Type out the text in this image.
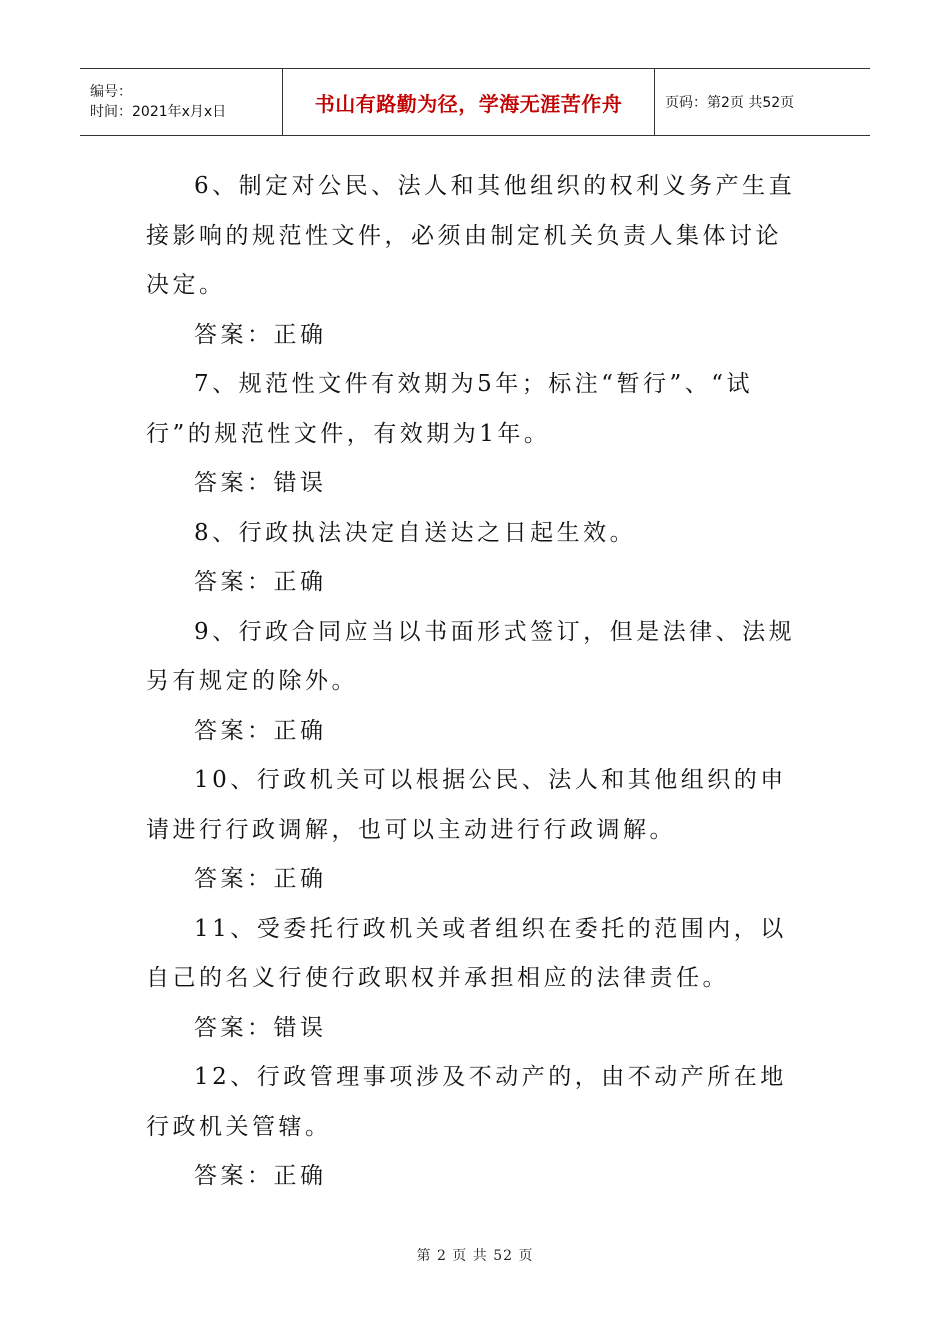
编号：
时间：2021年x月x日	书山有路勤为径，学海无涯苦作舟	页码：第2页 共52页
6、制定对公民、法人和其他组织的权利义务产生直接影响的规范性文件，必须由制定机关负责人集体讨论决定。
答案：正确
7、规范性文件有效期为5年；标注“暂行”、“试行”的规范性文件，有效期为1年。
答案：错误
8、行政执法决定自送达之日起生效。
答案：正确
9、行政合同应当以书面形式签订，但是法律、法规另有规定的除外。
答案：正确
10、行政机关可以根据公民、法人和其他组织的申请进行行政调解，也可以主动进行行政调解。
答案：正确
11、受委托行政机关或者组织在委托的范围内，以自己的名义行使行政职权并承担相应的法律责任。
答案：错误
12、行政管理事项涉及不动产的，由不动产所在地行政机关管辖。
答案：正确
第 2 页 共 52 页
